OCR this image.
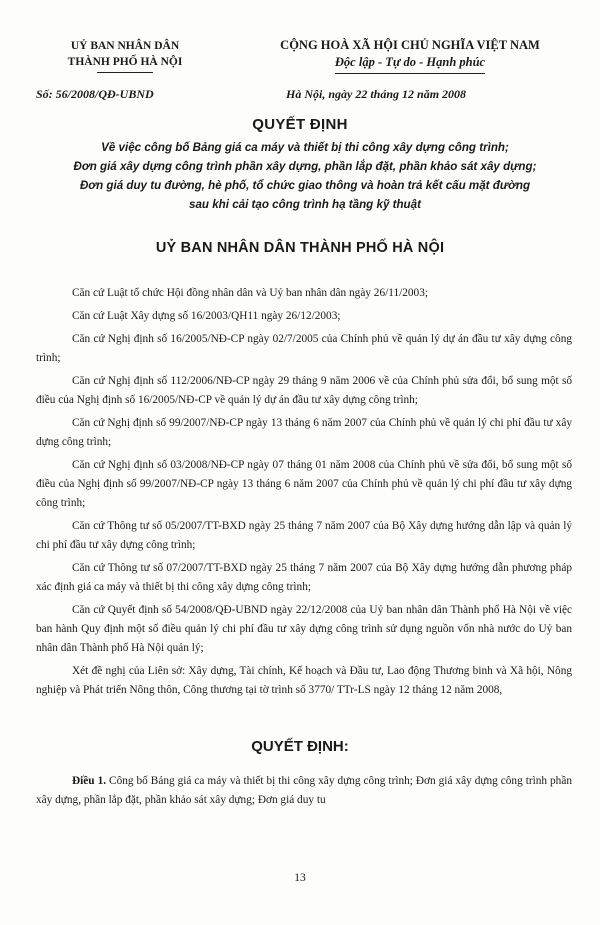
UỶ BAN NHÂN DÂN
THÀNH PHỐ HÀ NỘI
CỘNG HOÀ XÃ HỘI CHỦ NGHĨA VIỆT NAM
Độc lập - Tự do - Hạnh phúc
Số: 56/2008/QĐ-UBND	Hà Nội, ngày 22 tháng 12 năm 2008
QUYẾT ĐỊNH
Về việc công bố Bảng giá ca máy và thiết bị thi công xây dựng công trình;
Đơn giá xây dựng công trình phần xây dựng, phần lắp đặt, phần khảo sát xây dựng;
Đơn giá duy tu đường, hè phố, tổ chức giao thông và hoàn trả kết cấu mặt đường
sau khi cải tạo công trình hạ tầng kỹ thuật
UỶ BAN NHÂN DÂN THÀNH PHỐ HÀ NỘI

Căn cứ Luật tổ chức Hội đồng nhân dân và Uỷ ban nhân dân ngày 26/11/2003;

Căn cứ Luật Xây dựng số 16/2003/QH11 ngày 26/12/2003;

Căn cứ Nghị định số 16/2005/NĐ-CP ngày 02/7/2005 của Chính phủ về quản lý dự án đầu tư xây dựng công trình;

Căn cứ Nghị định số 112/2006/NĐ-CP ngày 29 tháng 9 năm 2006 về của Chính phủ sửa đổi, bổ sung một số điều của Nghị định số 16/2005/NĐ-CP về quản lý dự án đầu tư xây dựng công trình;

Căn cứ Nghị định số 99/2007/NĐ-CP ngày 13 tháng 6 năm 2007 của Chính phủ về quản lý chi phí đầu tư xây dựng công trình;

Căn cứ Nghị định số 03/2008/NĐ-CP ngày 07 tháng 01 năm 2008 của Chính phủ về sửa đổi, bổ sung một số điều của Nghị định số 99/2007/NĐ-CP ngày 13 tháng 6 năm 2007 của Chính phủ về quản lý chi phí đầu tư xây dựng công trình;

Căn cứ Thông tư số 05/2007/TT-BXD ngày 25 tháng 7 năm 2007 của Bộ Xây dựng hướng dẫn lập và quản lý chi phí đầu tư xây dựng công trình;

Căn cứ Thông tư số 07/2007/TT-BXD ngày 25 tháng 7 năm 2007 của Bộ Xây dựng hướng dẫn phương pháp xác định giá ca máy và thiết bị thi công xây dựng công trình;

Căn cứ Quyết định số 54/2008/QĐ-UBND ngày 22/12/2008 của Uỷ ban nhân dân Thành phố Hà Nội về việc ban hành Quy định một số điều quản lý chi phí đầu tư xây dựng công trình sử dụng nguồn vốn nhà nước do Uỷ ban nhân dân Thành phố Hà Nội quản lý;

Xét đề nghị của Liên sở: Xây dựng, Tài chính, Kế hoạch và Đầu tư, Lao động Thương binh và Xã hội, Nông nghiệp và Phát triển Nông thôn, Công thương tại tờ trình số 3770/ TTr-LS ngày 12 tháng 12 năm 2008,

QUYẾT ĐỊNH:
Điều 1. Công bố Bảng giá ca máy và thiết bị thi công xây dựng công trình; Đơn giá xây dựng công trình phần xây dựng, phần lắp đặt, phần khảo sát xây dựng; Đơn giá duy tu
13
